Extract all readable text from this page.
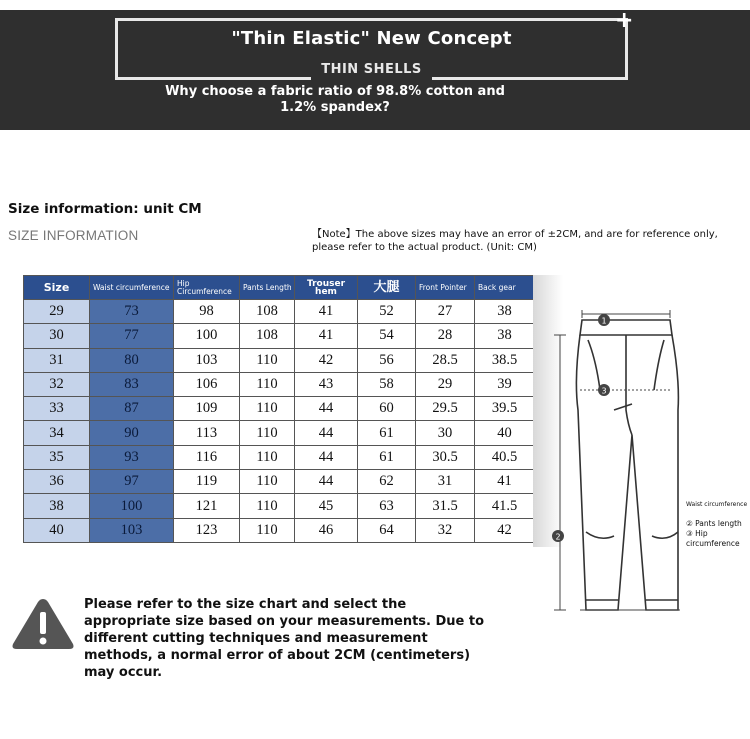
+
"Thin Elastic" New Concept
THIN SHELLS
Why choose a fabric ratio of 98.8% cotton and 1.2% spandex?
Size information: unit CM
SIZE INFORMATION	【Note】The above sizes may have an error of ±2CM, and are for reference only, please refer to the actual product. (Unit: CM)
Size	Waist circumference	Hip Circumference	Pants Length	Trouser hem	大腿	Front Pointer	Back gear
29	73	98	108	41	52	27	38
30	77	100	108	41	54	28	38
31	80	103	110	42	56	28.5	38.5
32	83	106	110	43	58	29	39
33	87	109	110	44	60	29.5	39.5
34	90	113	110	44	61	30	40
35	93	116	110	44	61	30.5	40.5
36	97	119	110	44	62	31	41
38	100	121	110	45	63	31.5	41.5
40	103	123	110	46	64	32	42
1
3
2
Waist circumference
② Pants length ③ Hip circumference
Please refer to the size chart and select the appropriate size based on your measurements. Due to different cutting techniques and measurement methods, a normal error of about 2CM (centimeters) may occur.
